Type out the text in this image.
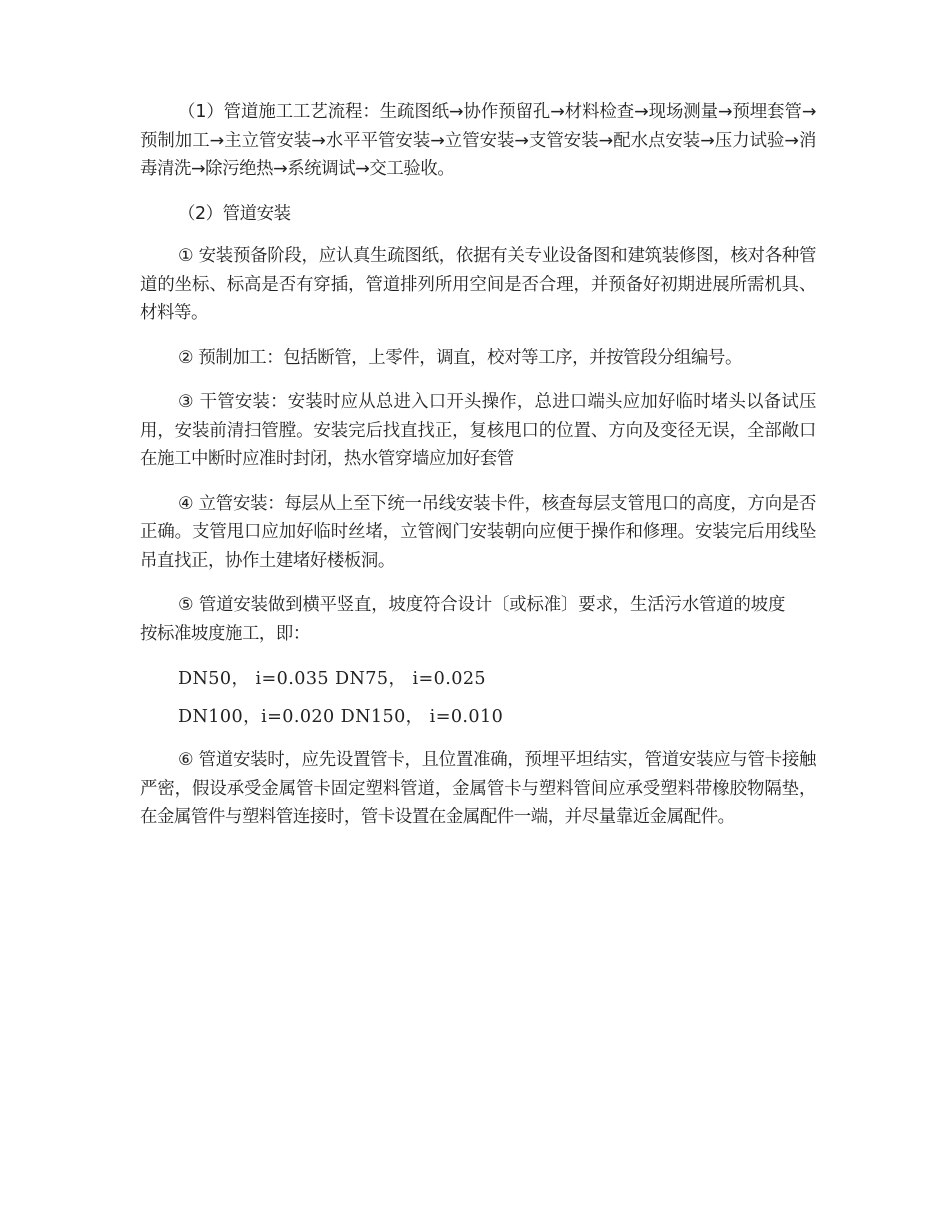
（1）管道施工工艺流程：生疏图纸→协作预留孔→材料检查→现场测量→预埋套管→预制加工→主立管安装→水平平管安装→立管安装→支管安装→配水点安装→压力试验→消毒清洗→除污绝热→系统调试→交工验收。

（2）管道安装

① 安装预备阶段，应认真生疏图纸，依据有关专业设备图和建筑装修图，核对各种管道的坐标、标高是否有穿插，管道排列所用空间是否合理，并预备好初期进展所需机具、材料等。

② 预制加工：包括断管，上零件，调直，校对等工序，并按管段分组编号。

③ 干管安装：安装时应从总进入口开头操作，总进口端头应加好临时堵头以备试压用，安装前清扫管膛。安装完后找直找正，复核甩口的位置、方向及变径无误，全部敞口在施工中断时应准时封闭，热水管穿墙应加好套管

④ 立管安装：每层从上至下统一吊线安装卡件，核查每层支管甩口的高度，方向是否正确。支管甩口应加好临时丝堵，立管阀门安装朝向应便于操作和修理。安装完后用线坠吊直找正，协作土建堵好楼板洞。

⑤ 管道安装做到横平竖直，坡度符合设计〔或标准〕要求，生活污水管道的坡度按标准坡度施工，即：

DN50， i=0.035 DN75， i=0.025
DN100，i=0.020 DN150， i=0.010

⑥ 管道安装时，应先设置管卡，且位置准确，预埋平坦结实，管道安装应与管卡接触严密，假设承受金属管卡固定塑料管道，金属管卡与塑料管间应承受塑料带橡胶物隔垫，在金属管件与塑料管连接时，管卡设置在金属配件一端，并尽量靠近金属配件。
